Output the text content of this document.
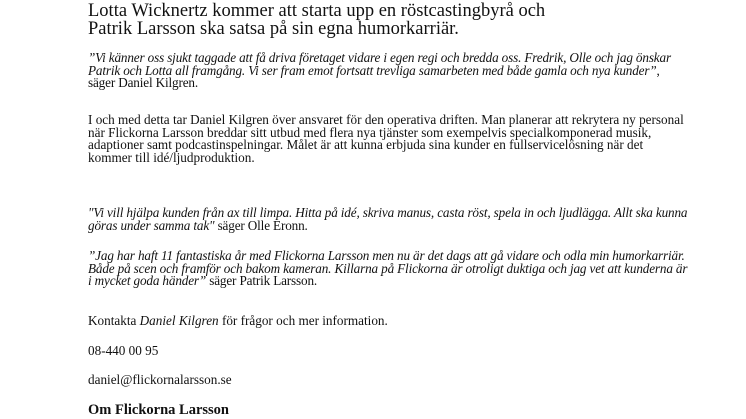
Lotta Wicknertz kommer att starta upp en röstcastingbyrå och
Patrik Larsson ska satsa på sin egna humorkarriär.

”Vi känner oss sjukt taggade att få driva företaget vidare i egen regi och bredda oss. Fredrik, Olle och jag önskar Patrik och Lotta all framgång. Vi ser fram emot fortsatt trevliga samarbeten med både gamla och nya kunder”, säger Daniel Kilgren.

I och med detta tar Daniel Kilgren över ansvaret för den operativa driften. Man planerar att rekrytera ny personal när Flickorna Larsson breddar sitt utbud med flera nya tjänster som exempelvis specialkomponerad musik, adaptioner samt podcastinspelningar. Målet är att kunna erbjuda sina kunder en fullservicelösning när det kommer till idé/ljudproduktion.

"Vi vill hjälpa kunden från ax till limpa. Hitta på idé, skriva manus, casta röst, spela in och ljudlägga. Allt ska kunna göras under samma tak" säger Olle Eronn.

”Jag har haft 11 fantastiska år med Flickorna Larsson men nu är det dags att gå vidare och odla min humorkarriär. Både på scen och framför och bakom kameran. Killarna på Flickorna är otroligt duktiga och jag vet att kunderna är i mycket goda händer” säger Patrik Larsson.

Kontakta Daniel Kilgren för frågor och mer information.

08-440 00 95

daniel@flickornalarsson.se

Om Flickorna Larsson
